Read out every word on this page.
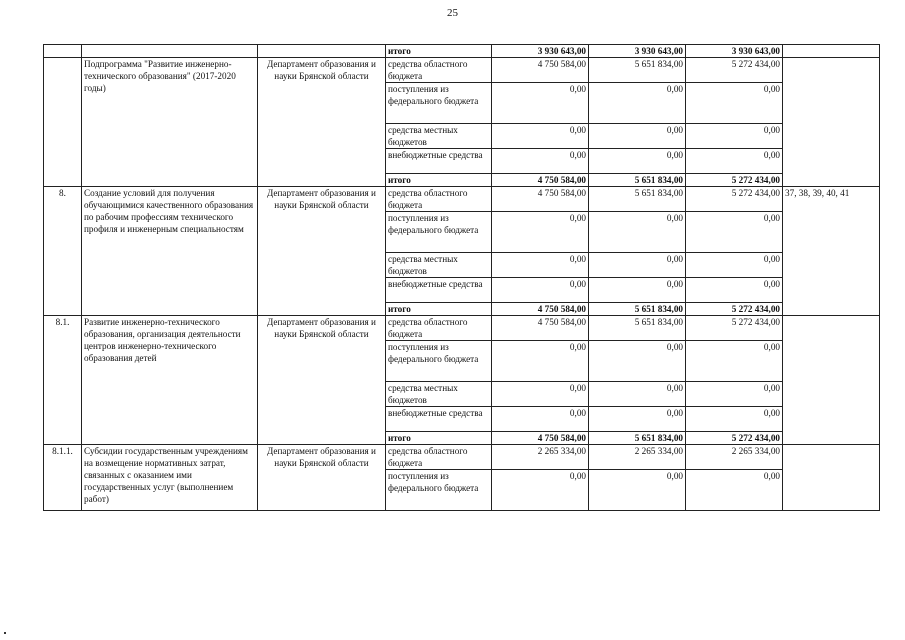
25
			итого	3 930 643,00	3 930 643,00	3 930 643,00	
	Подпрограмма "Развитие инженерно-технического образования" (2017-2020 годы)	Департамент образования и науки Брянской области	средства областного бюджета	4 750 584,00	5 651 834,00	5 272 434,00	
			поступления из федерального бюджета	0,00	0,00	0,00	
			средства местных бюджетов	0,00	0,00	0,00	
			внебюджетные средства	0,00	0,00	0,00	
			итого	4 750 584,00	5 651 834,00	5 272 434,00	
8.	Создание условий для получения обучающимися качественного образования по рабочим профессиям технического профиля и инженерным специальностям	Департамент образования и науки Брянской области	средства областного бюджета	4 750 584,00	5 651 834,00	5 272 434,00	37, 38, 39, 40, 41
			поступления из федерального бюджета	0,00	0,00	0,00	
			средства местных бюджетов	0,00	0,00	0,00	
			внебюджетные средства	0,00	0,00	0,00	
			итого	4 750 584,00	5 651 834,00	5 272 434,00	
8.1.	Развитие инженерно-технического образования, организация деятельности центров инженерно-технического образования детей	Департамент образования и науки Брянской области	средства областного бюджета	4 750 584,00	5 651 834,00	5 272 434,00	
			поступления из федерального бюджета	0,00	0,00	0,00	
			средства местных бюджетов	0,00	0,00	0,00	
			внебюджетные средства	0,00	0,00	0,00	
			итого	4 750 584,00	5 651 834,00	5 272 434,00	
8.1.1.	Субсидии государственным учреждениям на возмещение нормативных затрат, связанных с оказанием ими государственных услуг (выполнением работ)	Департамент образования и науки Брянской области	средства областного бюджета	2 265 334,00	2 265 334,00	2 265 334,00	
			поступления из федерального бюджета	0,00	0,00	0,00	
